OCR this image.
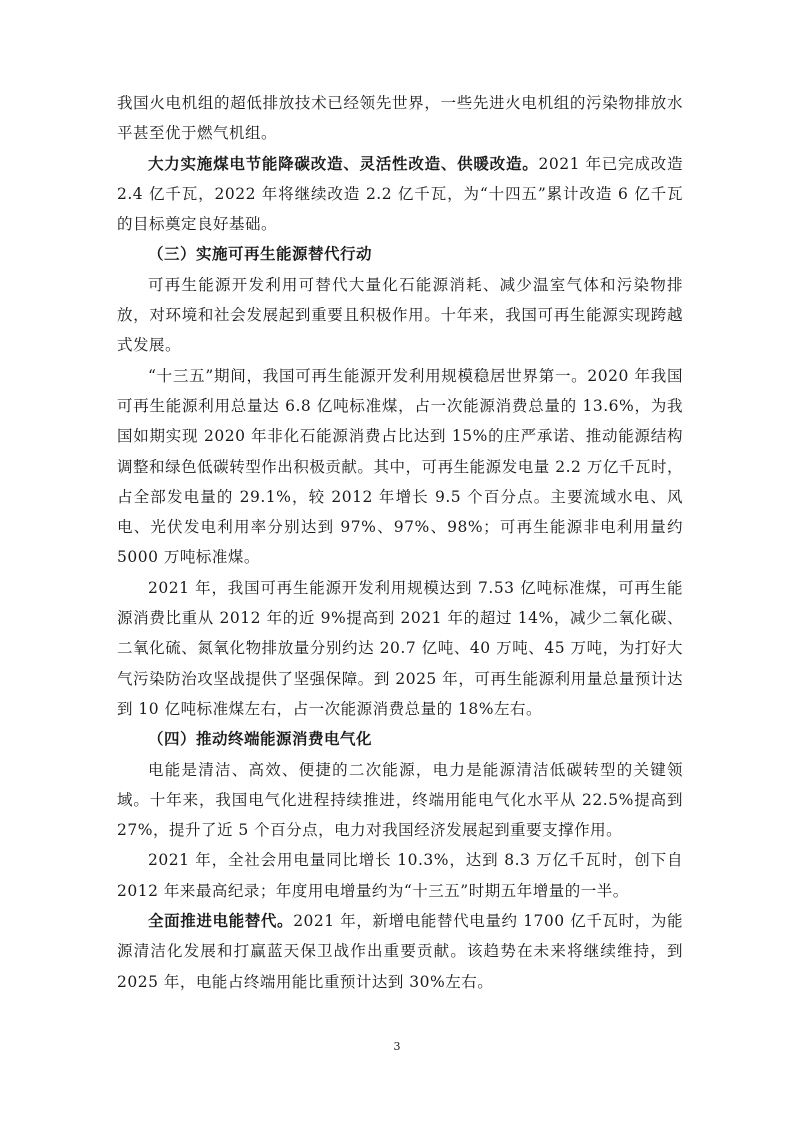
我国火电机组的超低排放技术已经领先世界，一些先进火电机组的污染物排放水平甚至优于燃气机组。

大力实施煤电节能降碳改造、灵活性改造、供暖改造。2021 年已完成改造 2.4 亿千瓦，2022 年将继续改造 2.2 亿千瓦，为“十四五”累计改造 6 亿千瓦的目标奠定良好基础。

（三）实施可再生能源替代行动

可再生能源开发利用可替代大量化石能源消耗、减少温室气体和污染物排放，对环境和社会发展起到重要且积极作用。十年来，我国可再生能源实现跨越式发展。

“十三五”期间，我国可再生能源开发利用规模稳居世界第一。2020 年我国可再生能源利用总量达 6.8 亿吨标准煤，占一次能源消费总量的 13.6%，为我国如期实现 2020 年非化石能源消费占比达到 15%的庄严承诺、推动能源结构调整和绿色低碳转型作出积极贡献。其中，可再生能源发电量 2.2 万亿千瓦时，占全部发电量的 29.1%，较 2012 年增长 9.5 个百分点。主要流域水电、风电、光伏发电利用率分别达到 97%、97%、98%；可再生能源非电利用量约 5000 万吨标准煤。

2021 年，我国可再生能源开发利用规模达到 7.53 亿吨标准煤，可再生能源消费比重从 2012 年的近 9%提高到 2021 年的超过 14%，减少二氧化碳、二氧化硫、氮氧化物排放量分别约达 20.7 亿吨、40 万吨、45 万吨，为打好大气污染防治攻坚战提供了坚强保障。到 2025 年，可再生能源利用量总量预计达到 10 亿吨标准煤左右，占一次能源消费总量的 18%左右。

（四）推动终端能源消费电气化

电能是清洁、高效、便捷的二次能源，电力是能源清洁低碳转型的关键领域。十年来，我国电气化进程持续推进，终端用能电气化水平从 22.5%提高到 27%，提升了近 5 个百分点，电力对我国经济发展起到重要支撑作用。

2021 年，全社会用电量同比增长 10.3%，达到 8.3 万亿千瓦时，创下自 2012 年来最高纪录；年度用电增量约为“十三五”时期五年增量的一半。

全面推进电能替代。2021 年，新增电能替代电量约 1700 亿千瓦时，为能源清洁化发展和打赢蓝天保卫战作出重要贡献。该趋势在未来将继续维持，到 2025 年，电能占终端用能比重预计达到 30%左右。

3
